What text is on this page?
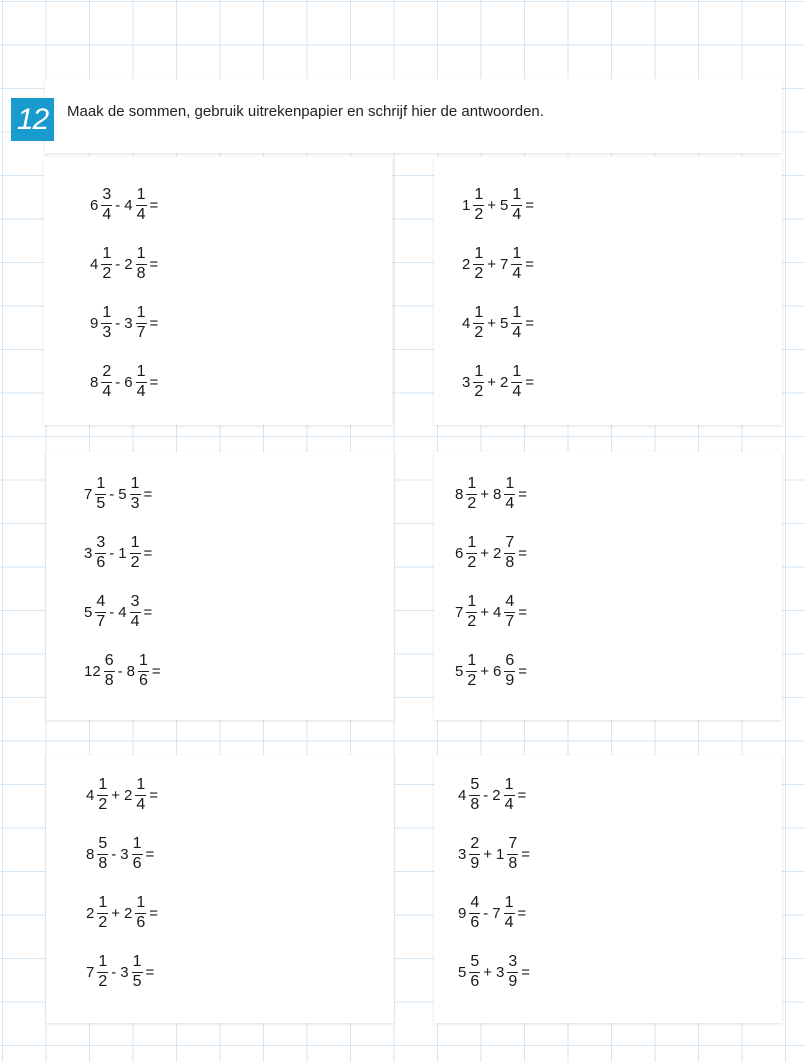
12	Maak de sommen, gebruik uitrekenpapier en schrijf hier de antwoorden.
$6 \frac{3}{4} - 4 \frac{1}{4}$ =
$4 \frac{1}{2} - 2 \frac{1}{8}$ =
$9 \frac{1}{3} - 3 \frac{1}{7}$ =
$8 \frac{2}{4} - 6 \frac{1}{4}$ =
$1 \frac{1}{2} + 5 \frac{1}{4}$ =
$2 \frac{1}{2} + 7 \frac{1}{4}$ =
$4 \frac{1}{2} + 5 \frac{1}{4}$ =
$3 \frac{1}{2} + 2 \frac{1}{4}$ =
$7 \frac{1}{5} - 5 \frac{1}{3}$ =
$3 \frac{3}{6} - 1 \frac{1}{2}$ =
$5 \frac{4}{7} - 4 \frac{3}{4}$ =
$12 \frac{6}{8} - 8 \frac{1}{6}$ =
$8 \frac{1}{2} + 8 \frac{1}{4}$ =
$6 \frac{1}{2} + 2 \frac{7}{8}$ =
$7 \frac{1}{2} + 4 \frac{4}{7}$ =
$5 \frac{1}{2} + 6 \frac{6}{9}$ =
$4 \frac{1}{2} + 2 \frac{1}{4}$ =
$8 \frac{5}{8} - 3 \frac{1}{6}$ =
$2 \frac{1}{2} + 2 \frac{1}{6}$ =
$7 \frac{1}{2} - 3 \frac{1}{5}$ =
$4 \frac{5}{8} - 2 \frac{1}{4}$ =
$3 \frac{2}{9} + 1 \frac{7}{8}$ =
$9 \frac{4}{6} - 7 \frac{1}{4}$ =
$5 \frac{5}{6} + 3 \frac{3}{9}$ =
